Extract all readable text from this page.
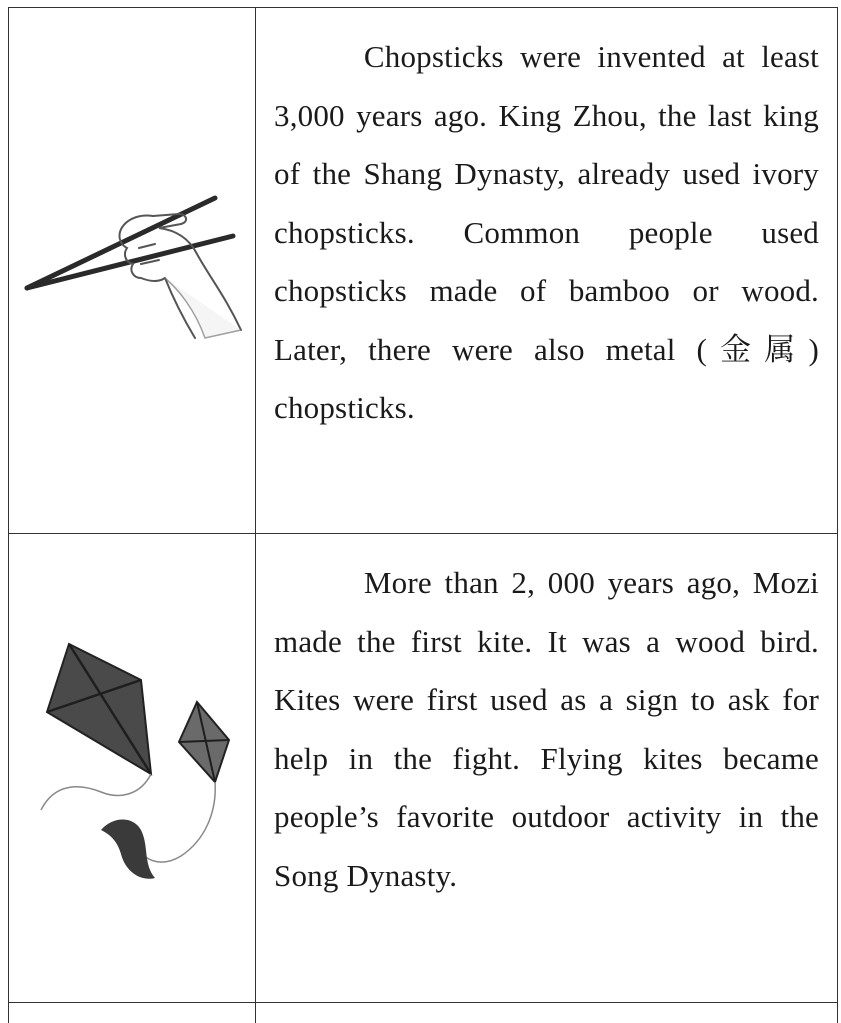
Chopsticks were invented at least 3,000 years ago. King Zhou, the last king of the Shang Dynasty, already used ivory chopsticks. Common people used chopsticks made of bamboo or wood. Later, there were also metal (金属) chopsticks.

More than 2, 000 years ago, Mozi made the first kite. It was a wood bird. Kites were first used as a sign to ask for help in the fight. Flying kites became people’s favorite outdoor activity in the Song Dynasty.
